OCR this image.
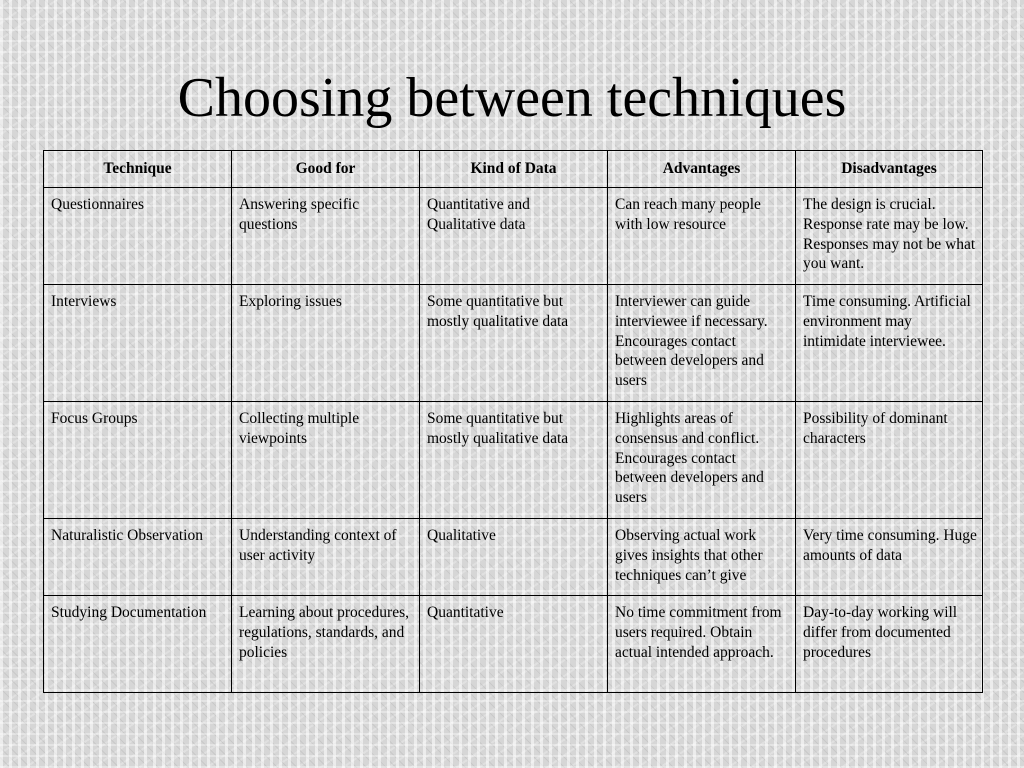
Choosing between techniques
Technique	Good for	Kind of Data	Advantages	Disadvantages
Questionnaires	Answering specific questions	Quantitative and Qualitative data	Can reach many people with low resource	The design is crucial. Response rate may be low. Responses may not be what you want.
Interviews	Exploring issues	Some quantitative but mostly qualitative data	Interviewer can guide interviewee if necessary. Encourages contact between developers and users	Time consuming. Artificial environment may intimidate interviewee.
Focus Groups	Collecting multiple viewpoints	Some quantitative but mostly qualitative data	Highlights areas of consensus and conflict. Encourages contact between developers and users	Possibility of dominant characters
Naturalistic Observation	Understanding context of user activity	Qualitative	Observing actual work gives insights that other techniques can’t give	Very time consuming. Huge amounts of data
Studying Documentation	Learning about procedures, regulations, standards, and policies	Quantitative	No time commitment from users required. Obtain actual intended approach.	Day-to-day working will differ from documented procedures
